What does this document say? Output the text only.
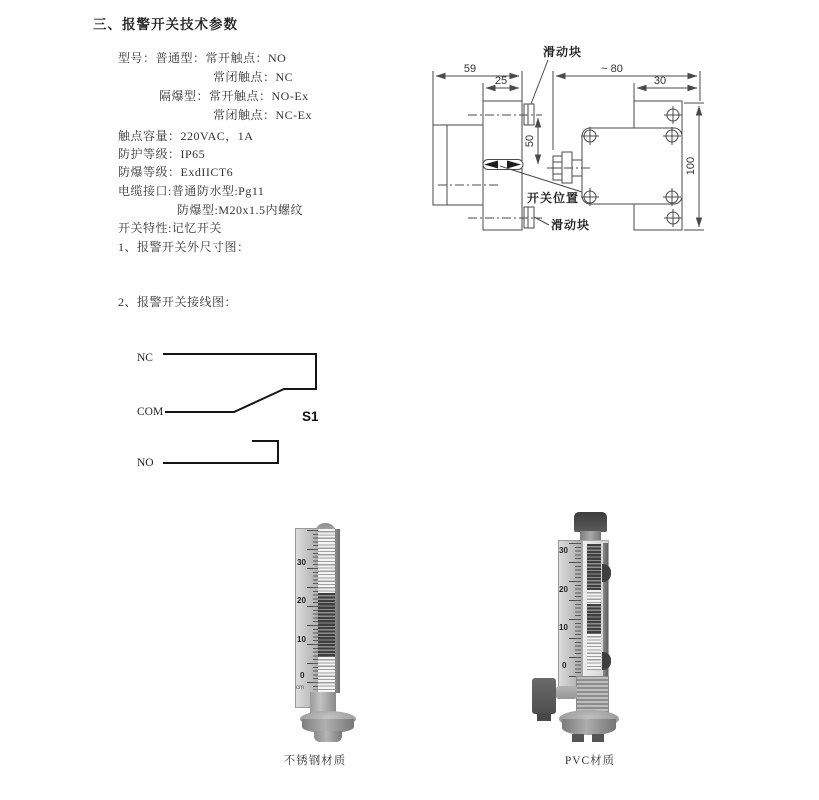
三、报警开关技术参数
型号：普通型：常开触点：NO
常闭触点：NC
隔爆型：常开触点：NO-Ex
常闭触点：NC-Ex
触点容量：220VAC，1A
防护等级：IP65
防爆等级：ExdIICT6
电缆接口:普通防水型:Pg11
防爆型:M20x1.5内螺纹
开关特性:记忆开关
1、报警开关外尺寸图：
2、报警开关接线图：
59
25
50
滑动块
开关位置
滑动块
~ 80
30
100
NC
COM
NO
S1
30
20
10
0
cm
不锈钢材质
30
20
10
0
PVC材质
